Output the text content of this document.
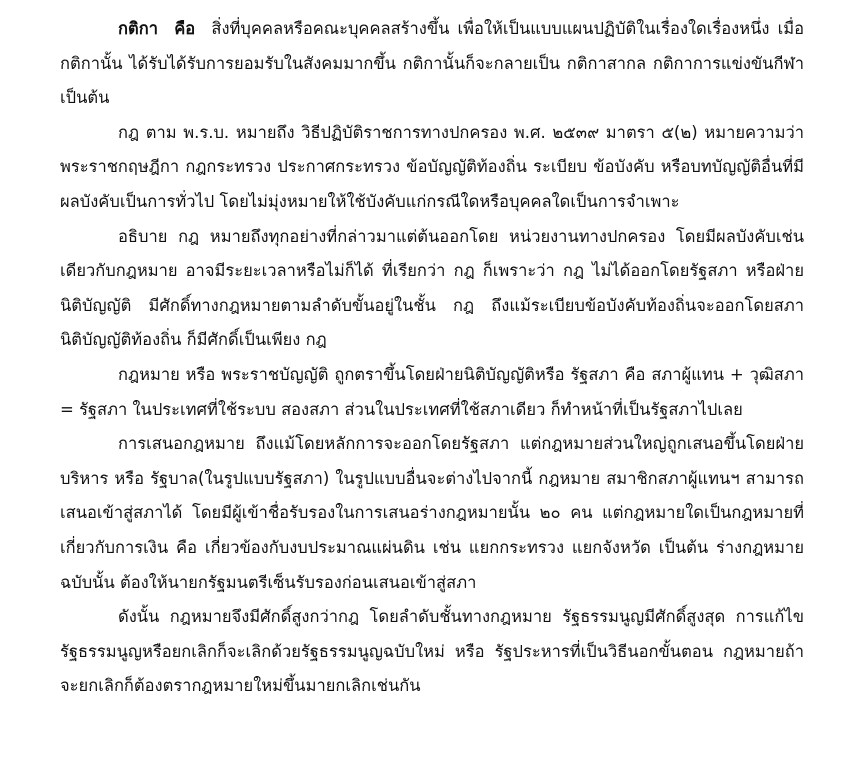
กติกา คือ สิ่งที่บุคคลหรือคณะบุคคลสร้างขึ้น เพื่อให้เป็นแบบแผนปฏิบัติในเรื่องใดเรื่องหนึ่ง เมื่อ กติกานั้น ได้รับได้รับการยอมรับในสังคมมากขึ้น กติกานั้นก็จะกลายเป็น กติกาสากล กติกาการแข่งขันกีฬาเป็นต้น

กฎ ตาม พ.ร.บ. หมายถึง วิธีปฏิบัติราชการทางปกครอง พ.ศ. ๒๕๓๙ มาตรา ๕(๒) หมายความว่า พระราชกฤษฎีกา กฎกระทรวง ประกาศกระทรวง ข้อบัญญัติท้องถิ่น ระเบียบ ข้อบังคับ หรือบทบัญญัติอื่นที่มีผลบังคับเป็นการทั่วไป โดยไม่มุ่งหมายให้ใช้บังคับแก่กรณีใดหรือบุคคลใดเป็นการจำเพาะ

อธิบาย กฎ หมายถึงทุกอย่างที่กล่าวมาแต่ต้นออกโดย หน่วยงานทางปกครอง โดยมีผลบังคับเช่นเดียวกับกฎหมาย อาจมีระยะเวลาหรือไม่ก็ได้ ที่เรียกว่า กฎ ก็เพราะว่า กฎ ไม่ได้ออกโดยรัฐสภา หรือฝ่ายนิติบัญญัติ มีศักดิ์ทางกฎหมายตามลำดับขั้นอยู่ในชั้น กฎ ถึงแม้ระเบียบข้อบังคับท้องถิ่นจะออกโดยสภานิติบัญญัติท้องถิ่น ก็มีศักดิ์เป็นเพียง กฎ

กฎหมาย หรือ พระราชบัญญัติ ถูกตราขึ้นโดยฝ่ายนิติบัญญัติหรือ รัฐสภา คือ สภาผู้แทน + วุฒิสภา = รัฐสภา ในประเทศที่ใช้ระบบ สองสภา ส่วนในประเทศที่ใช้สภาเดียว ก็ทำหน้าที่เป็นรัฐสภาไปเลย

การเสนอกฎหมาย ถึงแม้โดยหลักการจะออกโดยรัฐสภา แต่กฎหมายส่วนใหญ่ถูกเสนอขึ้นโดยฝ่ายบริหาร หรือ รัฐบาล(ในรูปแบบรัฐสภา) ในรูปแบบอื่นจะต่างไปจากนี้ กฎหมาย สมาชิกสภาผู้แทนฯ สามารถเสนอเข้าสู่สภาได้ โดยมีผู้เข้าชื่อรับรองในการเสนอร่างกฎหมายนั้น ๒๐ คน แต่กฎหมายใดเป็นกฎหมายที่เกี่ยวกับการเงิน คือ เกี่ยวข้องกับงบประมาณแผ่นดิน เช่น แยกกระทรวง แยกจังหวัด เป็นต้น ร่างกฎหมายฉบับนั้น ต้องให้นายกรัฐมนตรีเซ็นรับรองก่อนเสนอเข้าสู่สภา

ดังนั้น กฎหมายจึงมีศักดิ์สูงกว่ากฎ โดยลำดับชั้นทางกฎหมาย รัฐธรรมนูญมีศักดิ์สูงสุด การแก้ไขรัฐธรรมนูญหรือยกเลิกก็จะเลิกด้วยรัฐธรรมนูญฉบับใหม่ หรือ รัฐประหารที่เป็นวิธีนอกขั้นตอน กฎหมายถ้าจะยกเลิกก็ต้องตรากฎหมายใหม่ขึ้นมายกเลิกเช่นกัน
